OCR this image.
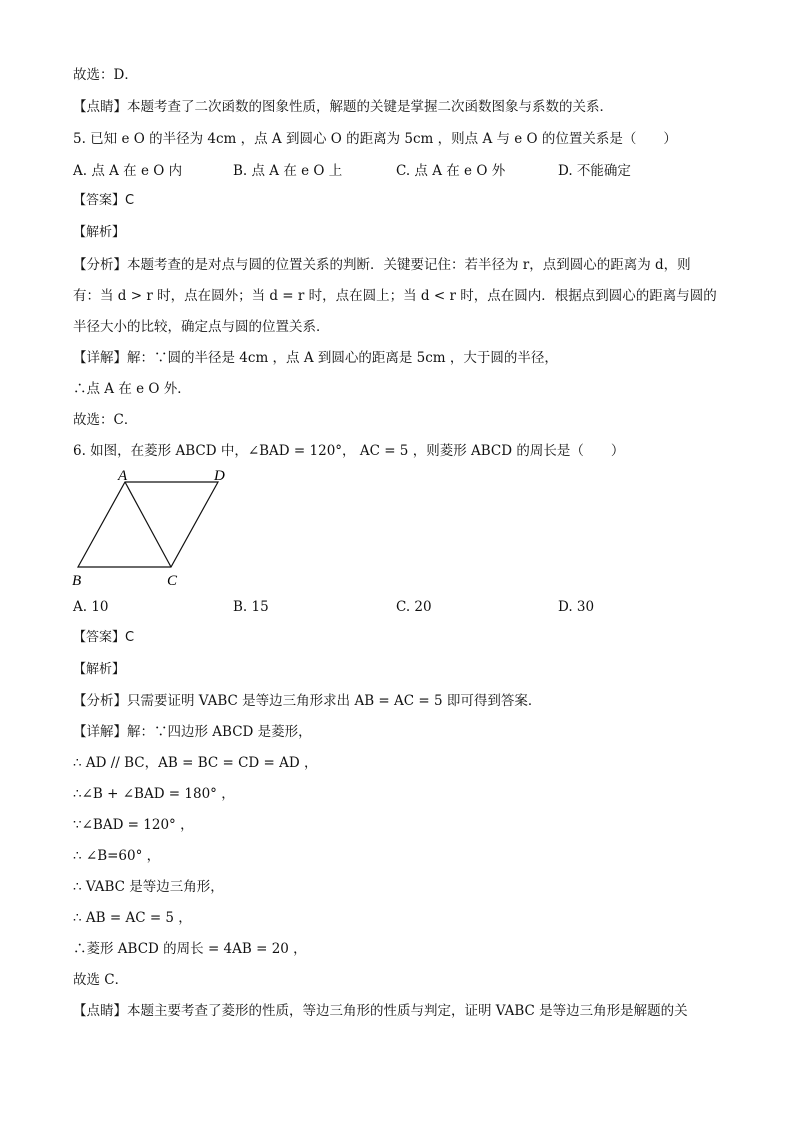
故选：D．
【点睛】本题考查了二次函数的图象性质，解题的关键是掌握二次函数图象与系数的关系．
5. 已知 e O 的半径为 4cm ，点 A 到圆心 O 的距离为 5cm ，则点 A 与 e O 的位置关系是（　　）
A. 点 A 在 e O 内	B. 点 A 在 e O 上	C. 点 A 在 e O 外	D. 不能确定
【答案】C
【解析】
【分析】本题考查的是对点与圆的位置关系的判断．关键要记住：若半径为 r，点到圆心的距离为 d，则
有：当 d > r 时，点在圆外；当 d = r 时，点在圆上；当 d < r 时，点在圆内．根据点到圆心的距离与圆的
半径大小的比较，确定点与圆的位置关系．
【详解】解：∵圆的半径是 4cm ，点 A 到圆心的距离是 5cm ，大于圆的半径，
∴点 A 在 e O 外．
故选：C．
6. 如图，在菱形 ABCD 中，∠BAD = 120°， AC = 5 ，则菱形 ABCD 的周长是（　　）
A	D
B	C
A. 10	B. 15	C. 20	D. 30
【答案】C
【解析】
【分析】只需要证明 VABC 是等边三角形求出 AB = AC = 5 即可得到答案．
【详解】解：∵四边形 ABCD 是菱形，
∴ AD // BC，AB = BC = CD = AD ，
∴∠B + ∠BAD = 180° ，
∵∠BAD = 120° ，
∴ ∠B=60° ，
∴ VABC 是等边三角形，
∴ AB = AC = 5 ，
∴菱形 ABCD 的周长 = 4AB = 20 ，
故选 C．
【点睛】本题主要考查了菱形的性质，等边三角形的性质与判定，证明 VABC 是等边三角形是解题的关
